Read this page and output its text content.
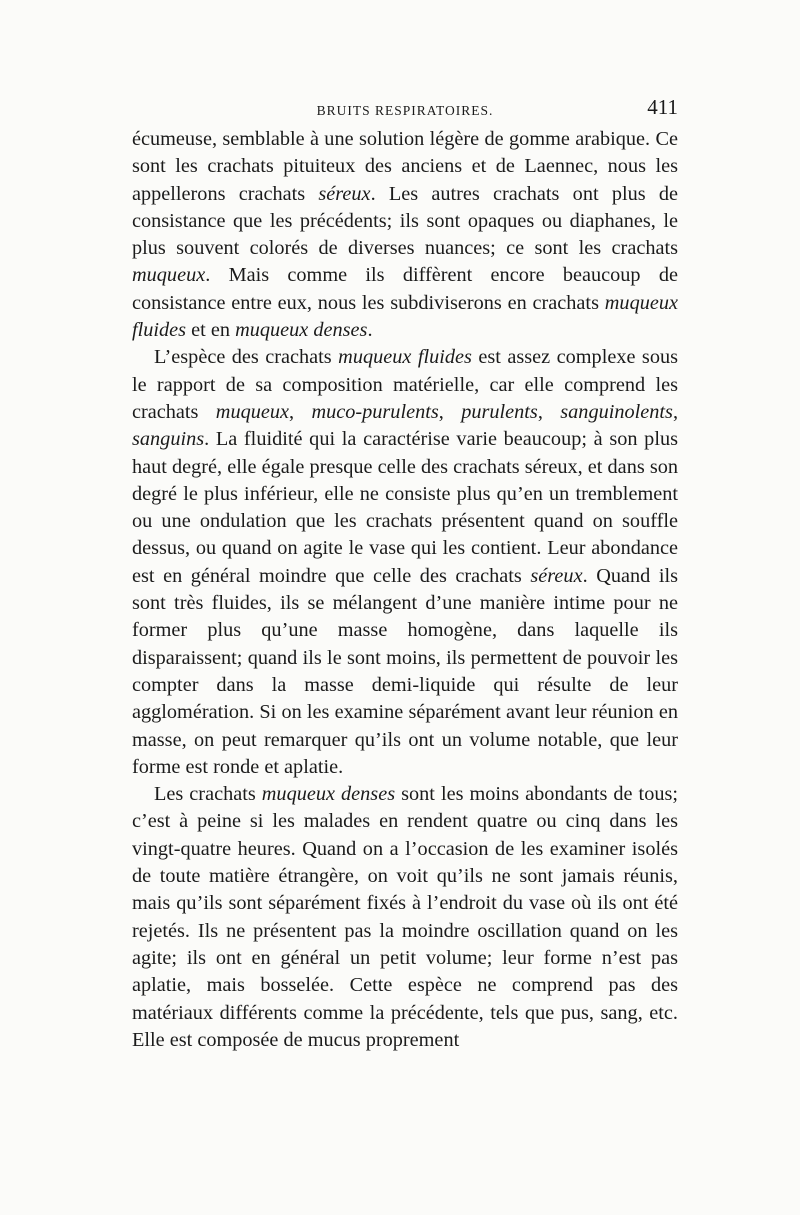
BRUITS RESPIRATOIRES.	411

écumeuse, semblable à une solution légère de gomme arabique. Ce sont les crachats pituiteux des anciens et de Laennec, nous les appellerons crachats séreux. Les autres crachats ont plus de consistance que les précédents; ils sont opaques ou diaphanes, le plus souvent colorés de diverses nuances; ce sont les crachats muqueux. Mais comme ils diffèrent encore beaucoup de consistance entre eux, nous les subdiviserons en crachats muqueux fluides et en muqueux denses.

L’espèce des crachats muqueux fluides est assez complexe sous le rapport de sa composition matérielle, car elle comprend les crachats muqueux, muco-purulents, purulents, sanguinolents, sanguins. La fluidité qui la caractérise varie beaucoup; à son plus haut degré, elle égale presque celle des crachats séreux, et dans son degré le plus inférieur, elle ne consiste plus qu’en un tremblement ou une ondulation que les crachats présentent quand on souffle dessus, ou quand on agite le vase qui les contient. Leur abondance est en général moindre que celle des crachats séreux. Quand ils sont très fluides, ils se mélangent d’une manière intime pour ne former plus qu’une masse homogène, dans laquelle ils disparaissent; quand ils le sont moins, ils permettent de pouvoir les compter dans la masse demi-liquide qui résulte de leur agglomération. Si on les examine séparément avant leur réunion en masse, on peut remarquer qu’ils ont un volume notable, que leur forme est ronde et aplatie.

Les crachats muqueux denses sont les moins abondants de tous; c’est à peine si les malades en rendent quatre ou cinq dans les vingt-quatre heures. Quand on a l’occasion de les examiner isolés de toute matière étrangère, on voit qu’ils ne sont jamais réunis, mais qu’ils sont séparément fixés à l’endroit du vase où ils ont été rejetés. Ils ne présentent pas la moindre oscillation quand on les agite; ils ont en général un petit volume; leur forme n’est pas aplatie, mais bosselée. Cette espèce ne comprend pas des matériaux différents comme la précédente, tels que pus, sang, etc. Elle est composée de mucus proprement
